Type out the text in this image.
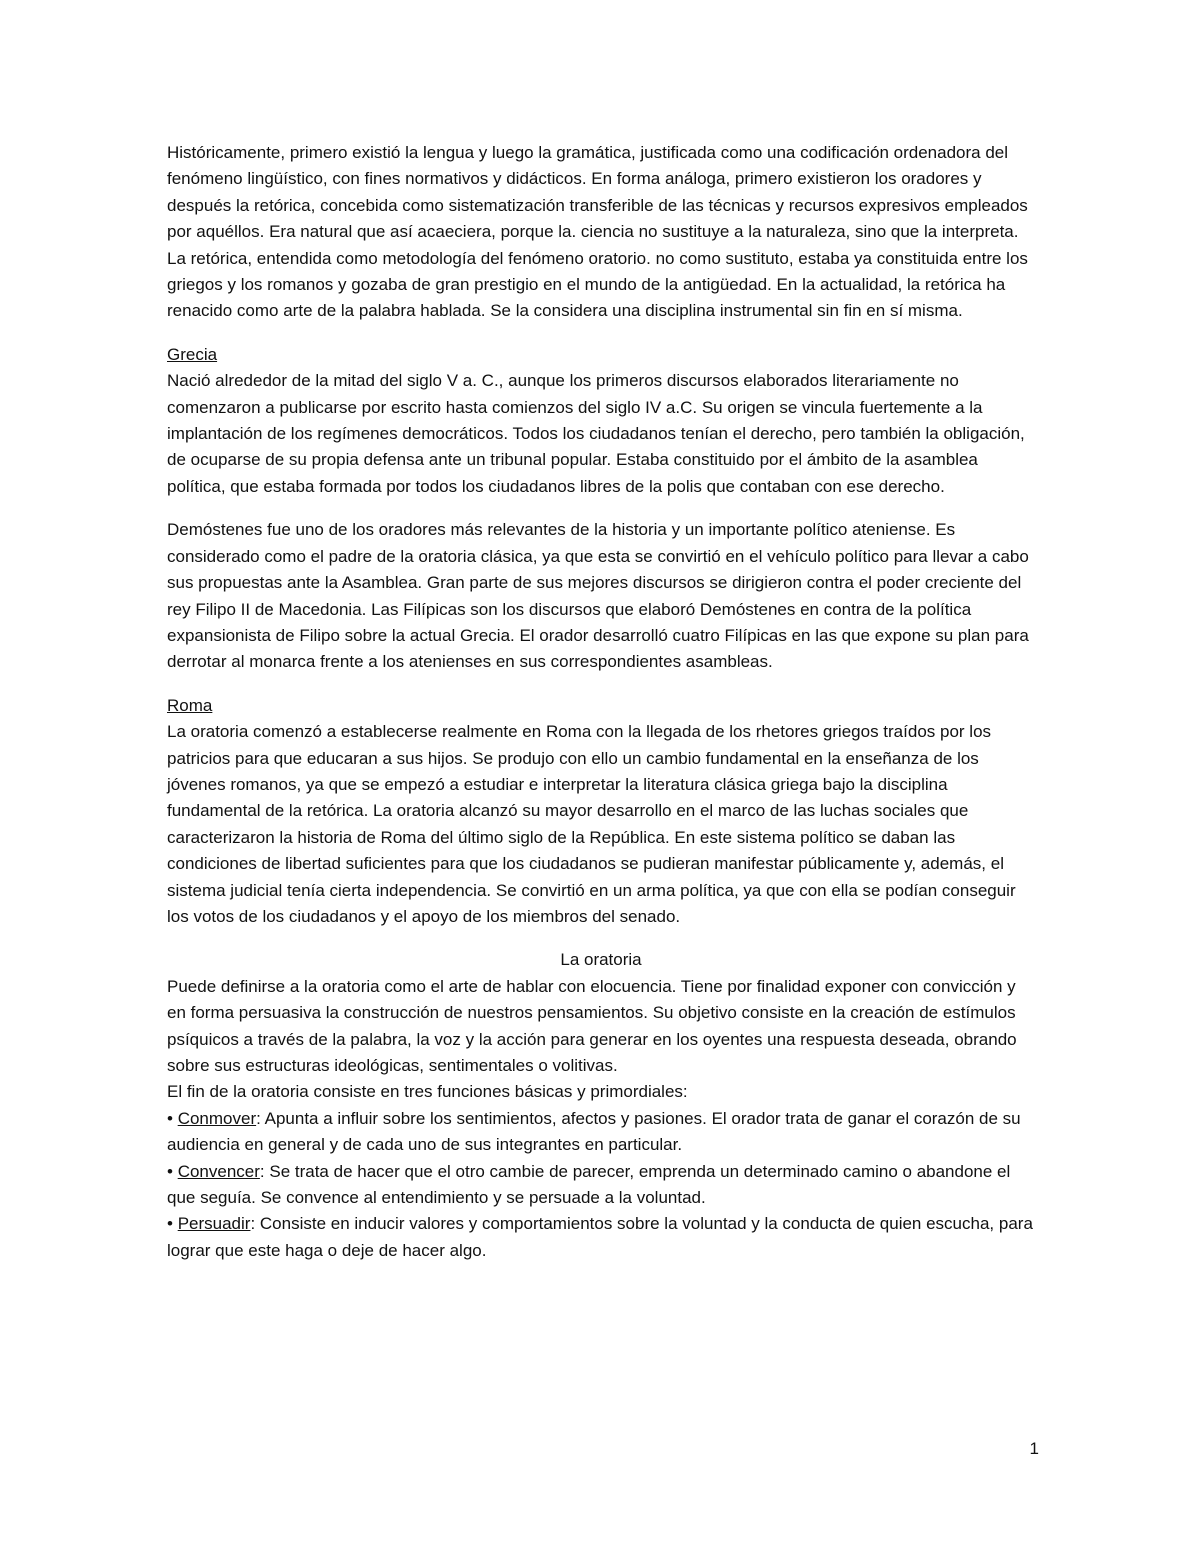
Históricamente, primero existió la lengua y luego la gramática, justificada como una codificación ordenadora del fenómeno lingüístico, con fines normativos y didácticos. En forma análoga, primero existieron los oradores y después la retórica, concebida como sistematización transferible de las técnicas y recursos expresivos empleados por aquéllos. Era natural que así acaeciera, porque la. ciencia no sustituye a la naturaleza, sino que la interpreta. La retórica, entendida como metodología del fenómeno oratorio. no como sustituto, estaba ya constituida entre los griegos y los romanos y gozaba de gran prestigio en el mundo de la antigüedad. En la actualidad, la retórica ha renacido como arte de la palabra hablada. Se la considera una disciplina instrumental sin fin en sí misma.

Grecia

Nació alrededor de la mitad del siglo V a. C., aunque los primeros discursos elaborados literariamente no comenzaron a publicarse por escrito hasta comienzos del siglo IV a.C. Su origen se vincula fuertemente a la implantación de los regímenes democráticos. Todos los ciudadanos tenían el derecho, pero también la obligación, de ocuparse de su propia defensa ante un tribunal popular. Estaba constituido por el ámbito de la asamblea política, que estaba formada por todos los ciudadanos libres de la polis que contaban con ese derecho.

Demóstenes fue uno de los oradores más relevantes de la historia y un importante político ateniense. Es considerado como el padre de la oratoria clásica, ya que esta se convirtió en el vehículo político para llevar a cabo sus propuestas ante la Asamblea. Gran parte de sus mejores discursos se dirigieron contra el poder creciente del rey Filipo II de Macedonia. Las Filípicas son los discursos que elaboró Demóstenes en contra de la política expansionista de Filipo sobre la actual Grecia. El orador desarrolló cuatro Filípicas en las que expone su plan para derrotar al monarca frente a los atenienses en sus correspondientes asambleas.

Roma

La oratoria comenzó a establecerse realmente en Roma con la llegada de los rhetores griegos traídos por los patricios para que educaran a sus hijos. Se produjo con ello un cambio fundamental en la enseñanza de los jóvenes romanos, ya que se empezó a estudiar e interpretar la literatura clásica griega bajo la disciplina fundamental de la retórica. La oratoria alcanzó su mayor desarrollo en el marco de las luchas sociales que caracterizaron la historia de Roma del último siglo de la República. En este sistema político se daban las condiciones de libertad suficientes para que los ciudadanos se pudieran manifestar públicamente y, además, el sistema judicial tenía cierta independencia. Se convirtió en un arma política, ya que con ella se podían conseguir los votos de los ciudadanos y el apoyo de los miembros del senado.

La oratoria

Puede definirse a la oratoria como el arte de hablar con elocuencia. Tiene por finalidad exponer con convicción y en forma persuasiva la construcción de nuestros pensamientos. Su objetivo consiste en la creación de estímulos psíquicos a través de la palabra, la voz y la acción para generar en los oyentes una respuesta deseada, obrando sobre sus estructuras ideológicas, sentimentales o volitivas.

El fin de la oratoria consiste en tres funciones básicas y primordiales:

• Conmover: Apunta a influir sobre los sentimientos, afectos y pasiones. El orador trata de ganar el corazón de su audiencia en general y de cada uno de sus integrantes en particular.

• Convencer: Se trata de hacer que el otro cambie de parecer, emprenda un determinado camino o abandone el que seguía. Se convence al entendimiento y se persuade a la voluntad.

• Persuadir: Consiste en inducir valores y comportamientos sobre la voluntad y la conducta de quien escucha, para lograr que este haga o deje de hacer algo.

1
